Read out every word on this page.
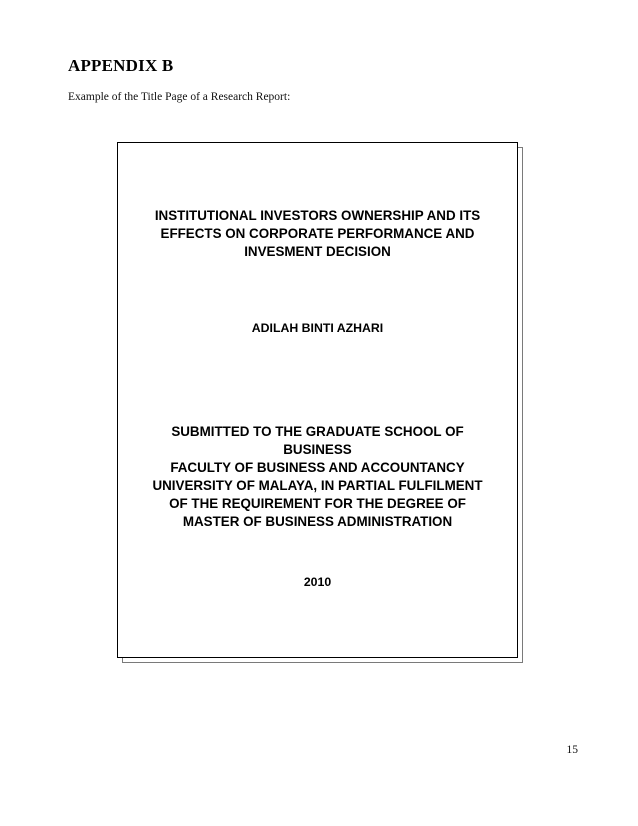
APPENDIX B
Example of the Title Page of a Research Report:
INSTITUTIONAL INVESTORS OWNERSHIP AND ITS
EFFECTS ON CORPORATE PERFORMANCE AND
INVESMENT DECISION
ADILAH BINTI AZHARI
SUBMITTED TO THE GRADUATE SCHOOL OF
BUSINESS
FACULTY OF BUSINESS AND ACCOUNTANCY
UNIVERSITY OF MALAYA, IN PARTIAL FULFILMENT
OF THE REQUIREMENT FOR THE DEGREE OF
MASTER OF BUSINESS ADMINISTRATION
2010
15
